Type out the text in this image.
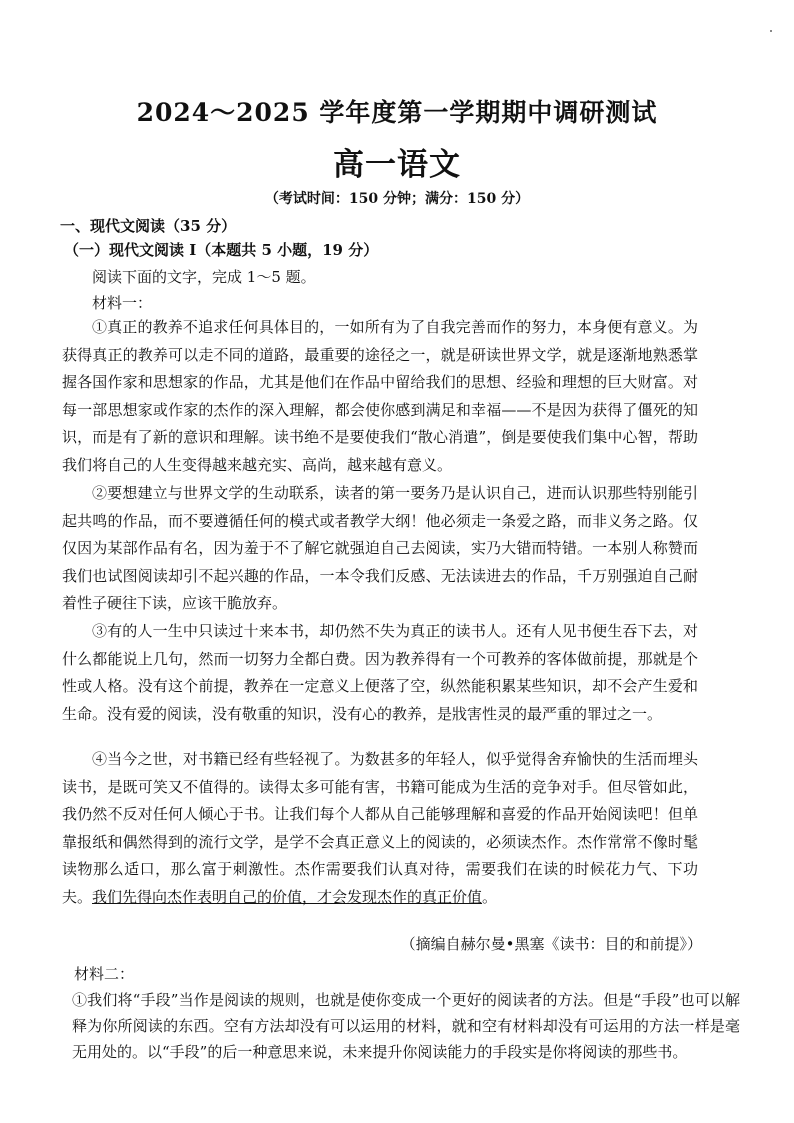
2024～2025 学年度第一学期期中调研测试
高一语文
（考试时间：150 分钟；满分：150 分）
一、现代文阅读（35 分）
（一）现代文阅读 Ⅰ（本题共 5 小题，19 分）
阅读下面的文字，完成 1～5 题。
材料一：

①真正的教养不追求任何具体目的，一如所有为了自我完善而作的努力，本身便有意义。为获得真正的教养可以走不同的道路，最重要的途径之一，就是研读世界文学，就是逐渐地熟悉掌握各国作家和思想家的作品，尤其是他们在作品中留给我们的思想、经验和理想的巨大财富。对每一部思想家或作家的杰作的深入理解，都会使你感到满足和幸福——不是因为获得了僵死的知识，而是有了新的意识和理解。读书绝不是要使我们“散心消遣”，倒是要使我们集中心智，帮助我们将自己的人生变得越来越充实、高尚，越来越有意义。

②要想建立与世界文学的生动联系，读者的第一要务乃是认识自己，进而认识那些特别能引起共鸣的作品，而不要遵循任何的模式或者教学大纲！他必须走一条爱之路，而非义务之路。仅仅因为某部作品有名，因为羞于不了解它就强迫自己去阅读，实乃大错而特错。一本别人称赞而我们也试图阅读却引不起兴趣的作品，一本令我们反感、无法读进去的作品，千万别强迫自己耐着性子硬往下读，应该干脆放弃。

③有的人一生中只读过十来本书，却仍然不失为真正的读书人。还有人见书便生吞下去，对什么都能说上几句，然而一切努力全都白费。因为教养得有一个可教养的客体做前提，那就是个性或人格。没有这个前提，教养在一定意义上便落了空，纵然能积累某些知识，却不会产生爱和生命。没有爱的阅读，没有敬重的知识，没有心的教养，是戕害性灵的最严重的罪过之一。

④当今之世，对书籍已经有些轻视了。为数甚多的年轻人，似乎觉得舍弃愉快的生活而埋头读书，是既可笑又不值得的。读得太多可能有害，书籍可能成为生活的竞争对手。但尽管如此，我仍然不反对任何人倾心于书。让我们每个人都从自己能够理解和喜爱的作品开始阅读吧！但单靠报纸和偶然得到的流行文学，是学不会真正意义上的阅读的，必须读杰作。杰作常常不像时髦读物那么适口，那么富于刺激性。杰作需要我们认真对待，需要我们在读的时候花力气、下功夫。我们先得向杰作表明自己的价值，才会发现杰作的真正价值。

（摘编自赫尔曼•黑塞《读书：目的和前提》）
材料二：

①我们将“手段”当作是阅读的规则，也就是使你变成一个更好的阅读者的方法。但是“手段”也可以解释为你所阅读的东西。空有方法却没有可以运用的材料，就和空有材料却没有可运用的方法一样是毫无用处的。以“手段”的后一种意思来说，未来提升你阅读能力的手段实是你将阅读的那些书。
